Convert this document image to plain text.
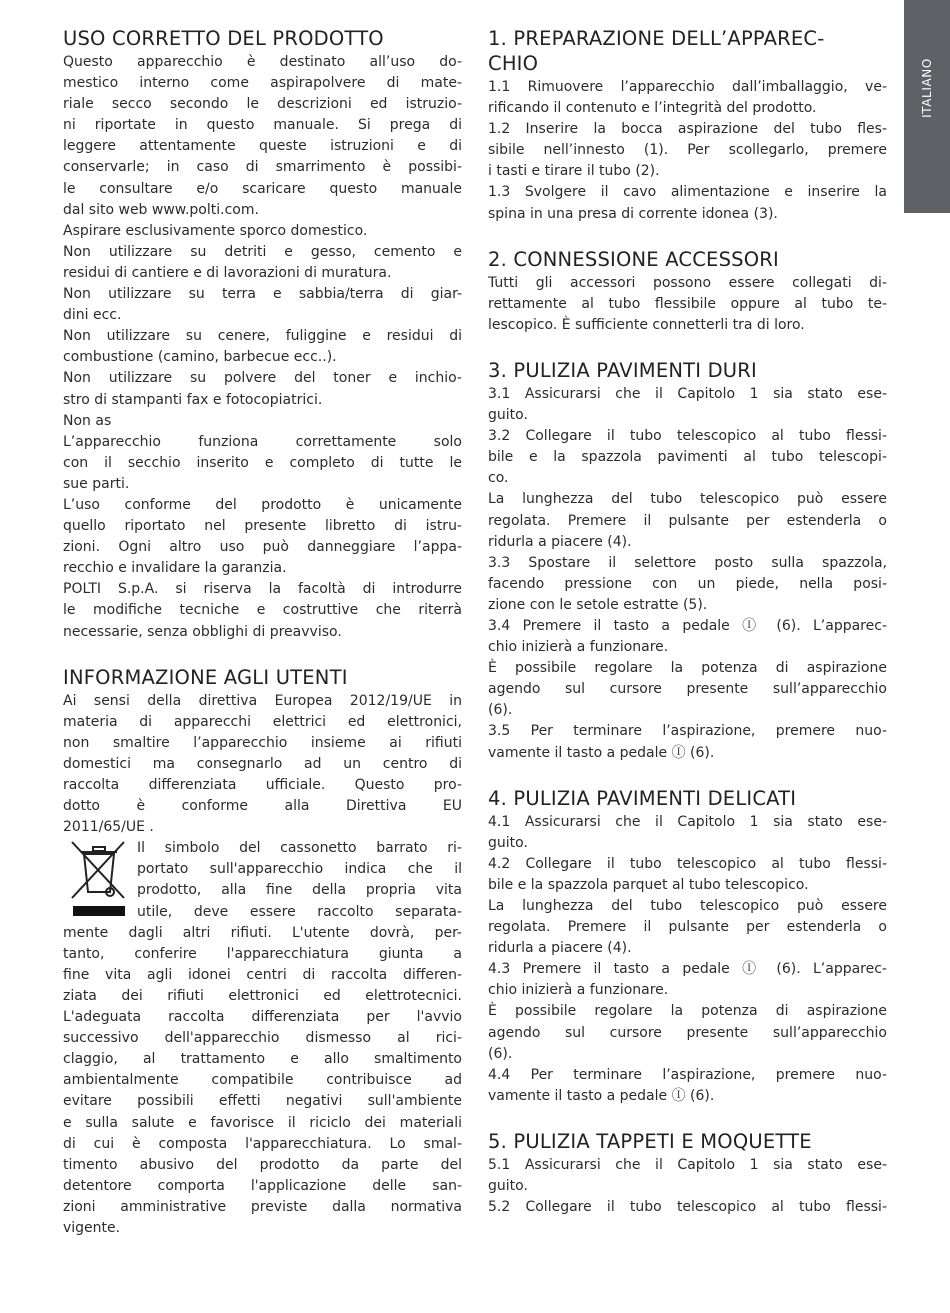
ITALIANO
USO CORRETTO DEL PRODOTTO
Questo apparecchio è destinato all’uso do-
mestico interno come aspirapolvere di mate-
riale secco secondo le descrizioni ed istruzio-
ni riportate in questo manuale. Si prega di
leggere attentamente queste istruzioni e di
conservarle; in caso di smarrimento è possibi-
le consultare e/o scaricare questo manuale
dal sito web www.polti.com.
Aspirare esclusivamente sporco domestico.
Non utilizzare su detriti e gesso, cemento e
residui di cantiere e di lavorazioni di muratura.
Non utilizzare su terra e sabbia/terra di giar-
dini ecc.
Non utilizzare su cenere, fuliggine e residui di
combustione (camino, barbecue ecc..).
Non utilizzare su polvere del toner e inchio-
stro di stampanti fax e fotocopiatrici.
Non as
L’apparecchio funziona correttamente solo
con il secchio inserito e completo di tutte le
sue parti.
L’uso conforme del prodotto è unicamente
quello riportato nel presente libretto di istru-
zioni. Ogni altro uso può danneggiare l’appa-
recchio e invalidare la garanzia.
POLTI S.p.A. si riserva la facoltà di introdurre
le modifiche tecniche e costruttive che riterrà
necessarie, senza obblighi di preavviso.
INFORMAZIONE AGLI UTENTI
Ai sensi della direttiva Europea 2012/19/UE in
materia di apparecchi elettrici ed elettronici,
non smaltire l’apparecchio insieme ai rifiuti
domestici ma consegnarlo ad un centro di
raccolta differenziata ufficiale. Questo pro-
dotto è conforme alla Direttiva EU
2011/65/UE .
Il simbolo del cassonetto barrato ri-
portato sull'apparecchio indica che il
prodotto, alla fine della propria vita
utile, deve essere raccolto separata-
mente dagli altri rifiuti. L'utente dovrà, per-
tanto, conferire l'apparecchiatura giunta a
fine vita agli idonei centri di raccolta differen-
ziata dei rifiuti elettronici ed elettrotecnici.
L'adeguata raccolta differenziata per l'avvio
successivo dell'apparecchio dismesso al rici-
claggio, al trattamento e allo smaltimento
ambientalmente compatibile contribuisce ad
evitare possibili effetti negativi sull'ambiente
e sulla salute e favorisce il riciclo dei materiali
di cui è composta l'apparecchiatura. Lo smal-
timento abusivo del prodotto da parte del
detentore comporta l'applicazione delle san-
zioni amministrative previste dalla normativa
vigente.
1. PREPARAZIONE DELL’APPAREC-
CHIO
1.1 Rimuovere l’apparecchio dall’imballaggio, ve-
rificando il contenuto e l’integrità del prodotto.
1.2 Inserire la bocca aspirazione del tubo fles-
sibile nell’innesto (1). Per scollegarlo, premere
i tasti e tirare il tubo (2).
1.3 Svolgere il cavo alimentazione e inserire la
spina in una presa di corrente idonea (3).
2. CONNESSIONE ACCESSORI
Tutti gli accessori possono essere collegati di-
rettamente al tubo flessibile oppure al tubo te-
lescopico. È sufficiente connetterli tra di loro.
3. PULIZIA PAVIMENTI DURI
3.1 Assicurarsi che il Capitolo 1 sia stato ese-
guito.
3.2 Collegare il tubo telescopico al tubo flessi-
bile e la spazzola pavimenti al tubo telescopi-
co.
La lunghezza del tubo telescopico può essere
regolata. Premere il pulsante per estenderla o
ridurla a piacere (4).
3.3 Spostare il selettore posto sulla spazzola,
facendo pressione con un piede, nella posi-
zione con le setole estratte (5).
3.4 Premere il tasto a pedale Ⓘ (6). L’apparec-
chio inizierà a funzionare.
È possibile regolare la potenza di aspirazione
agendo sul cursore presente sull’apparecchio
(6).
3.5 Per terminare l’aspirazione, premere nuo-
vamente il tasto a pedale Ⓘ (6).
4. PULIZIA PAVIMENTI DELICATI
4.1 Assicurarsi che il Capitolo 1 sia stato ese-
guito.
4.2 Collegare il tubo telescopico al tubo flessi-
bile e la spazzola parquet al tubo telescopico.
La lunghezza del tubo telescopico può essere
regolata. Premere il pulsante per estenderla o
ridurla a piacere (4).
4.3 Premere il tasto a pedale Ⓘ (6). L’apparec-
chio inizierà a funzionare.
È possibile regolare la potenza di aspirazione
agendo sul cursore presente sull’apparecchio
(6).
4.4 Per terminare l’aspirazione, premere nuo-
vamente il tasto a pedale Ⓘ (6).
5. PULIZIA TAPPETI E MOQUETTE
5.1 Assicurarsi che il Capitolo 1 sia stato ese-
guito.
5.2 Collegare il tubo telescopico al tubo flessi-
